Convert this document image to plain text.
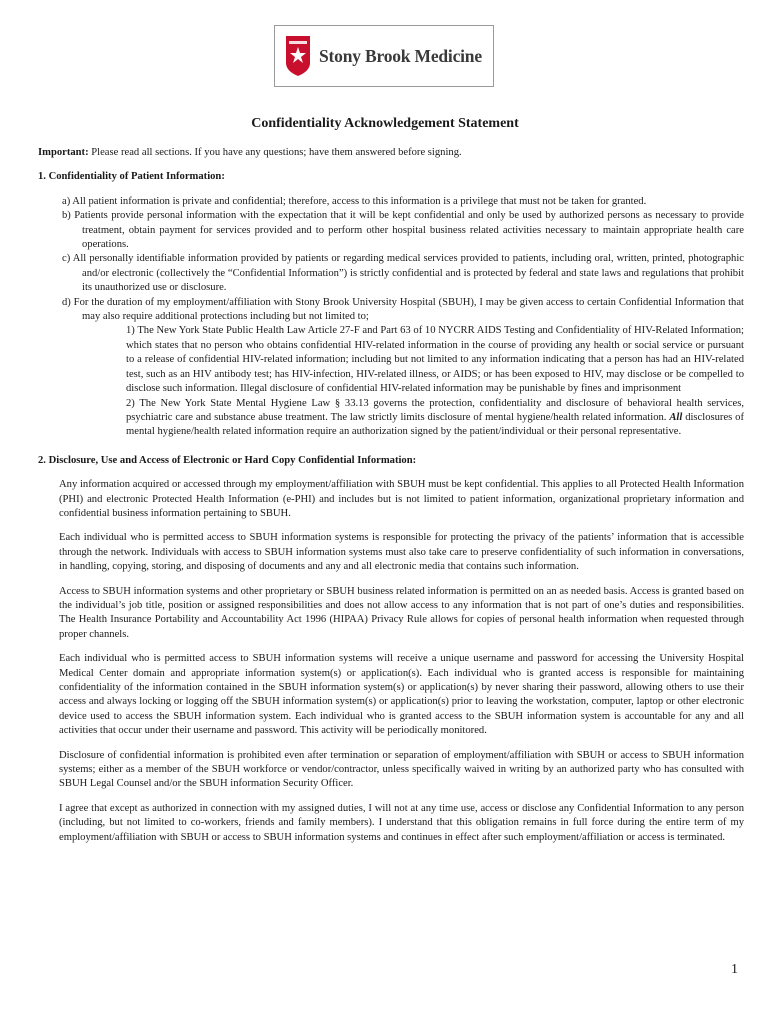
Stony Brook Medicine
Confidentiality Acknowledgement Statement

Important: Please read all sections. If you have any questions; have them answered before signing.

1. Confidentiality of Patient Information:

a) All patient information is private and confidential; therefore, access to this information is a privilege that must not be taken for granted.

b) Patients provide personal information with the expectation that it will be kept confidential and only be used by authorized persons as necessary to provide treatment, obtain payment for services provided and to perform other hospital business related activities necessary to maintain appropriate health care operations.

c) All personally identifiable information provided by patients or regarding medical services provided to patients, including oral, written, printed, photographic and/or electronic (collectively the “Confidential Information”) is strictly confidential and is protected by federal and state laws and regulations that prohibit its unauthorized use or disclosure.

d) For the duration of my employment/affiliation with Stony Brook University Hospital (SBUH), I may be given access to certain Confidential Information that may also require additional protections including but not limited to;

1) The New York State Public Health Law Article 27-F and Part 63 of 10 NYCRR AIDS Testing and Confidentiality of HIV-Related Information; which states that no person who obtains confidential HIV-related information in the course of providing any health or social service or pursuant to a release of confidential HIV-related information; including but not limited to any information indicating that a person has had an HIV-related test, such as an HIV antibody test; has HIV-infection, HIV-related illness, or AIDS; or has been exposed to HIV, may disclose or be compelled to disclose such information. Illegal disclosure of confidential HIV-related information may be punishable by fines and imprisonment

2) The New York State Mental Hygiene Law § 33.13 governs the protection, confidentiality and disclosure of behavioral health services, psychiatric care and substance abuse treatment. The law strictly limits disclosure of mental hygiene/health related information. All disclosures of mental hygiene/health related information require an authorization signed by the patient/individual or their personal representative.

2. Disclosure, Use and Access of Electronic or Hard Copy Confidential Information:

Any information acquired or accessed through my employment/affiliation with SBUH must be kept confidential. This applies to all Protected Health Information (PHI) and electronic Protected Health Information (e-PHI) and includes but is not limited to patient information, organizational proprietary information and confidential business information pertaining to SBUH.

Each individual who is permitted access to SBUH information systems is responsible for protecting the privacy of the patients’ information that is accessible through the network. Individuals with access to SBUH information systems must also take care to preserve confidentiality of such information in conversations, in handling, copying, storing, and disposing of documents and any and all electronic media that contains such information.

Access to SBUH information systems and other proprietary or SBUH business related information is permitted on an as needed basis. Access is granted based on the individual’s job title, position or assigned responsibilities and does not allow access to any information that is not part of one’s duties and responsibilities. The Health Insurance Portability and Accountability Act 1996 (HIPAA) Privacy Rule allows for copies of personal health information when requested through proper channels.

Each individual who is permitted access to SBUH information systems will receive a unique username and password for accessing the University Hospital Medical Center domain and appropriate information system(s) or application(s). Each individual who is granted access is responsible for maintaining confidentiality of the information contained in the SBUH information system(s) or application(s) by never sharing their password, allowing others to use their access and always locking or logging off the SBUH information system(s) or application(s) prior to leaving the workstation, computer, laptop or other electronic device used to access the SBUH information system. Each individual who is granted access to the SBUH information system is accountable for any and all activities that occur under their username and password. This activity will be periodically monitored.

Disclosure of confidential information is prohibited even after termination or separation of employment/affiliation with SBUH or access to SBUH information systems; either as a member of the SBUH workforce or vendor/contractor, unless specifically waived in writing by an authorized party who has consulted with SBUH Legal Counsel and/or the SBUH information Security Officer.

I agree that except as authorized in connection with my assigned duties, I will not at any time use, access or disclose any Confidential Information to any person (including, but not limited to co-workers, friends and family members). I understand that this obligation remains in full force during the entire term of my employment/affiliation with SBUH or access to SBUH information systems and continues in effect after such employment/affiliation or access is terminated.

1
